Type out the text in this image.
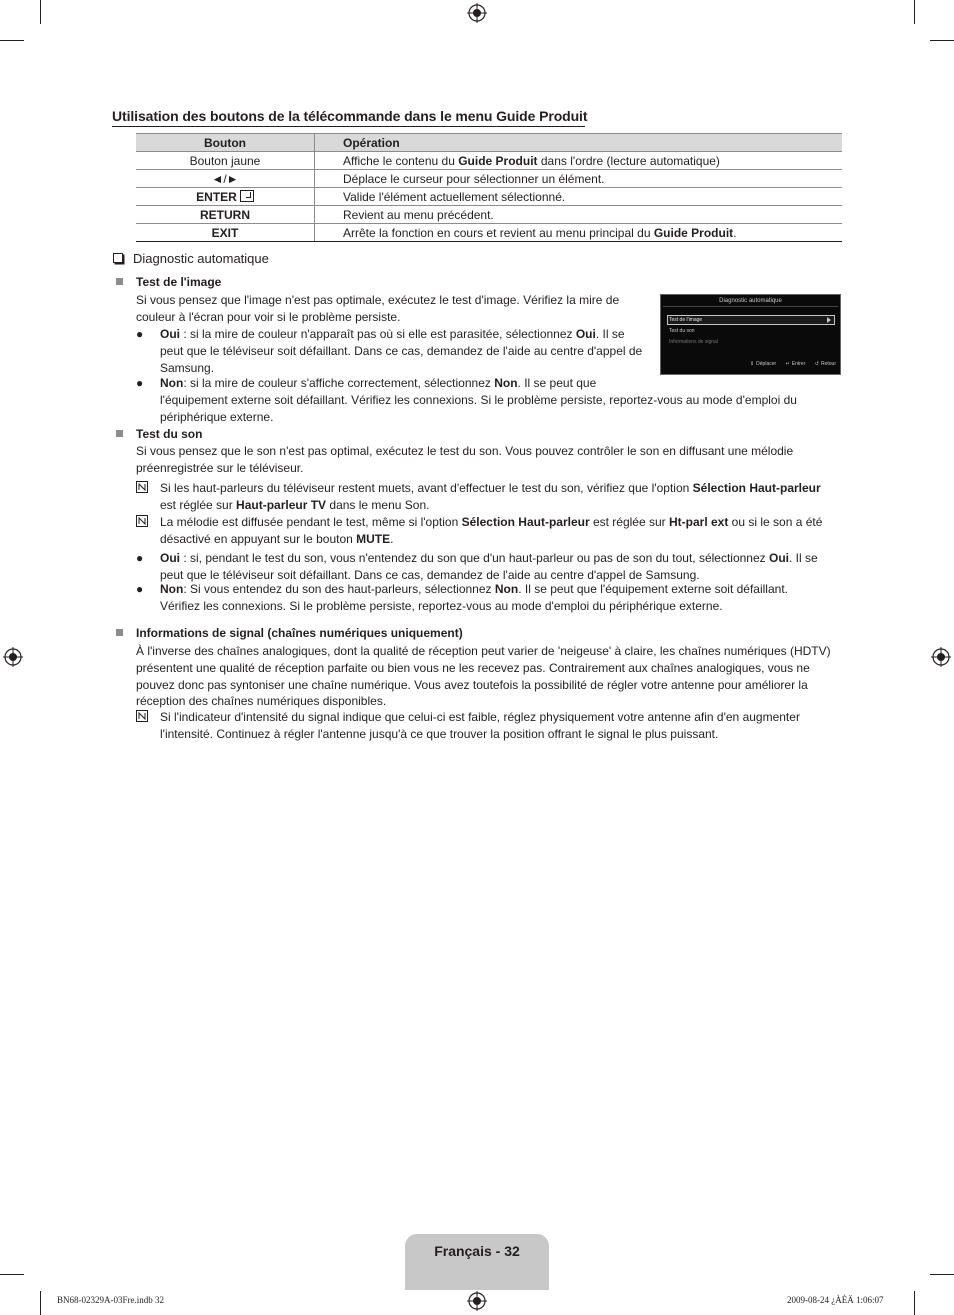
Utilisation des boutons de la télécommande dans le menu Guide Produit
Bouton	Opération
Bouton jaune	Affiche le contenu du Guide Produit dans l'ordre (lecture automatique)
◄/►	Déplace le curseur pour sélectionner un élément.
ENTER	Valide l'élément actuellement sélectionné.
RETURN	Revient au menu précédent.
EXIT	Arrête la fonction en cours et revient au menu principal du Guide Produit.
Diagnostic automatique
Test de l'image
Si vous pensez que l'image n'est pas optimale, exécutez le test d'image. Vérifiez la mire de
couleur à l'écran pour voir si le problème persiste.
● Oui : si la mire de couleur n'apparaît pas où si elle est parasitée, sélectionnez Oui. Il se
peut que le téléviseur soit défaillant. Dans ce cas, demandez de l'aide au centre d'appel de
Samsung.
● Non: si la mire de couleur s'affiche correctement, sélectionnez Non. Il se peut que
l'équipement externe soit défaillant. Vérifiez les connexions. Si le problème persiste, reportez-vous au mode d'emploi du
périphérique externe.
Diagnostic automatique
Test de l'image
Test du son
Informations de signal
⇕ Déplacer ↵ Entrer ↺ Retour
Test du son
Si vous pensez que le son n'est pas optimal, exécutez le test du son. Vous pouvez contrôler le son en diffusant une mélodie
préenregistrée sur le téléviseur.
Si les haut-parleurs du téléviseur restent muets, avant d'effectuer le test du son, vérifiez que l'option Sélection Haut-parleur
est réglée sur Haut-parleur TV dans le menu Son.
La mélodie est diffusée pendant le test, même si l'option Sélection Haut-parleur est réglée sur Ht-parl ext ou si le son a été
désactivé en appuyant sur le bouton MUTE.
● Oui : si, pendant le test du son, vous n'entendez du son que d'un haut-parleur ou pas de son du tout, sélectionnez Oui. Il se
peut que le téléviseur soit défaillant. Dans ce cas, demandez de l'aide au centre d'appel de Samsung.
● Non: Si vous entendez du son des haut-parleurs, sélectionnez Non. Il se peut que l'équipement externe soit défaillant.
Vérifiez les connexions. Si le problème persiste, reportez-vous au mode d'emploi du périphérique externe.
Informations de signal (chaînes numériques uniquement)
À l'inverse des chaînes analogiques, dont la qualité de réception peut varier de 'neigeuse' à claire, les chaînes numériques (HDTV)
présentent une qualité de réception parfaite ou bien vous ne les recevez pas. Contrairement aux chaînes analogiques, vous ne
pouvez donc pas syntoniser une chaîne numérique. Vous avez toutefois la possibilité de régler votre antenne pour améliorer la
réception des chaînes numériques disponibles.
Si l'indicateur d'intensité du signal indique que celui-ci est faible, réglez physiquement votre antenne afin d'en augmenter
l'intensité. Continuez à régler l'antenne jusqu'à ce que trouver la position offrant le signal le plus puissant.
Français - 32
BN68-02329A-03Fre.indb 32	2009-08-24 ¿ÀÈÄ 1:06:07
